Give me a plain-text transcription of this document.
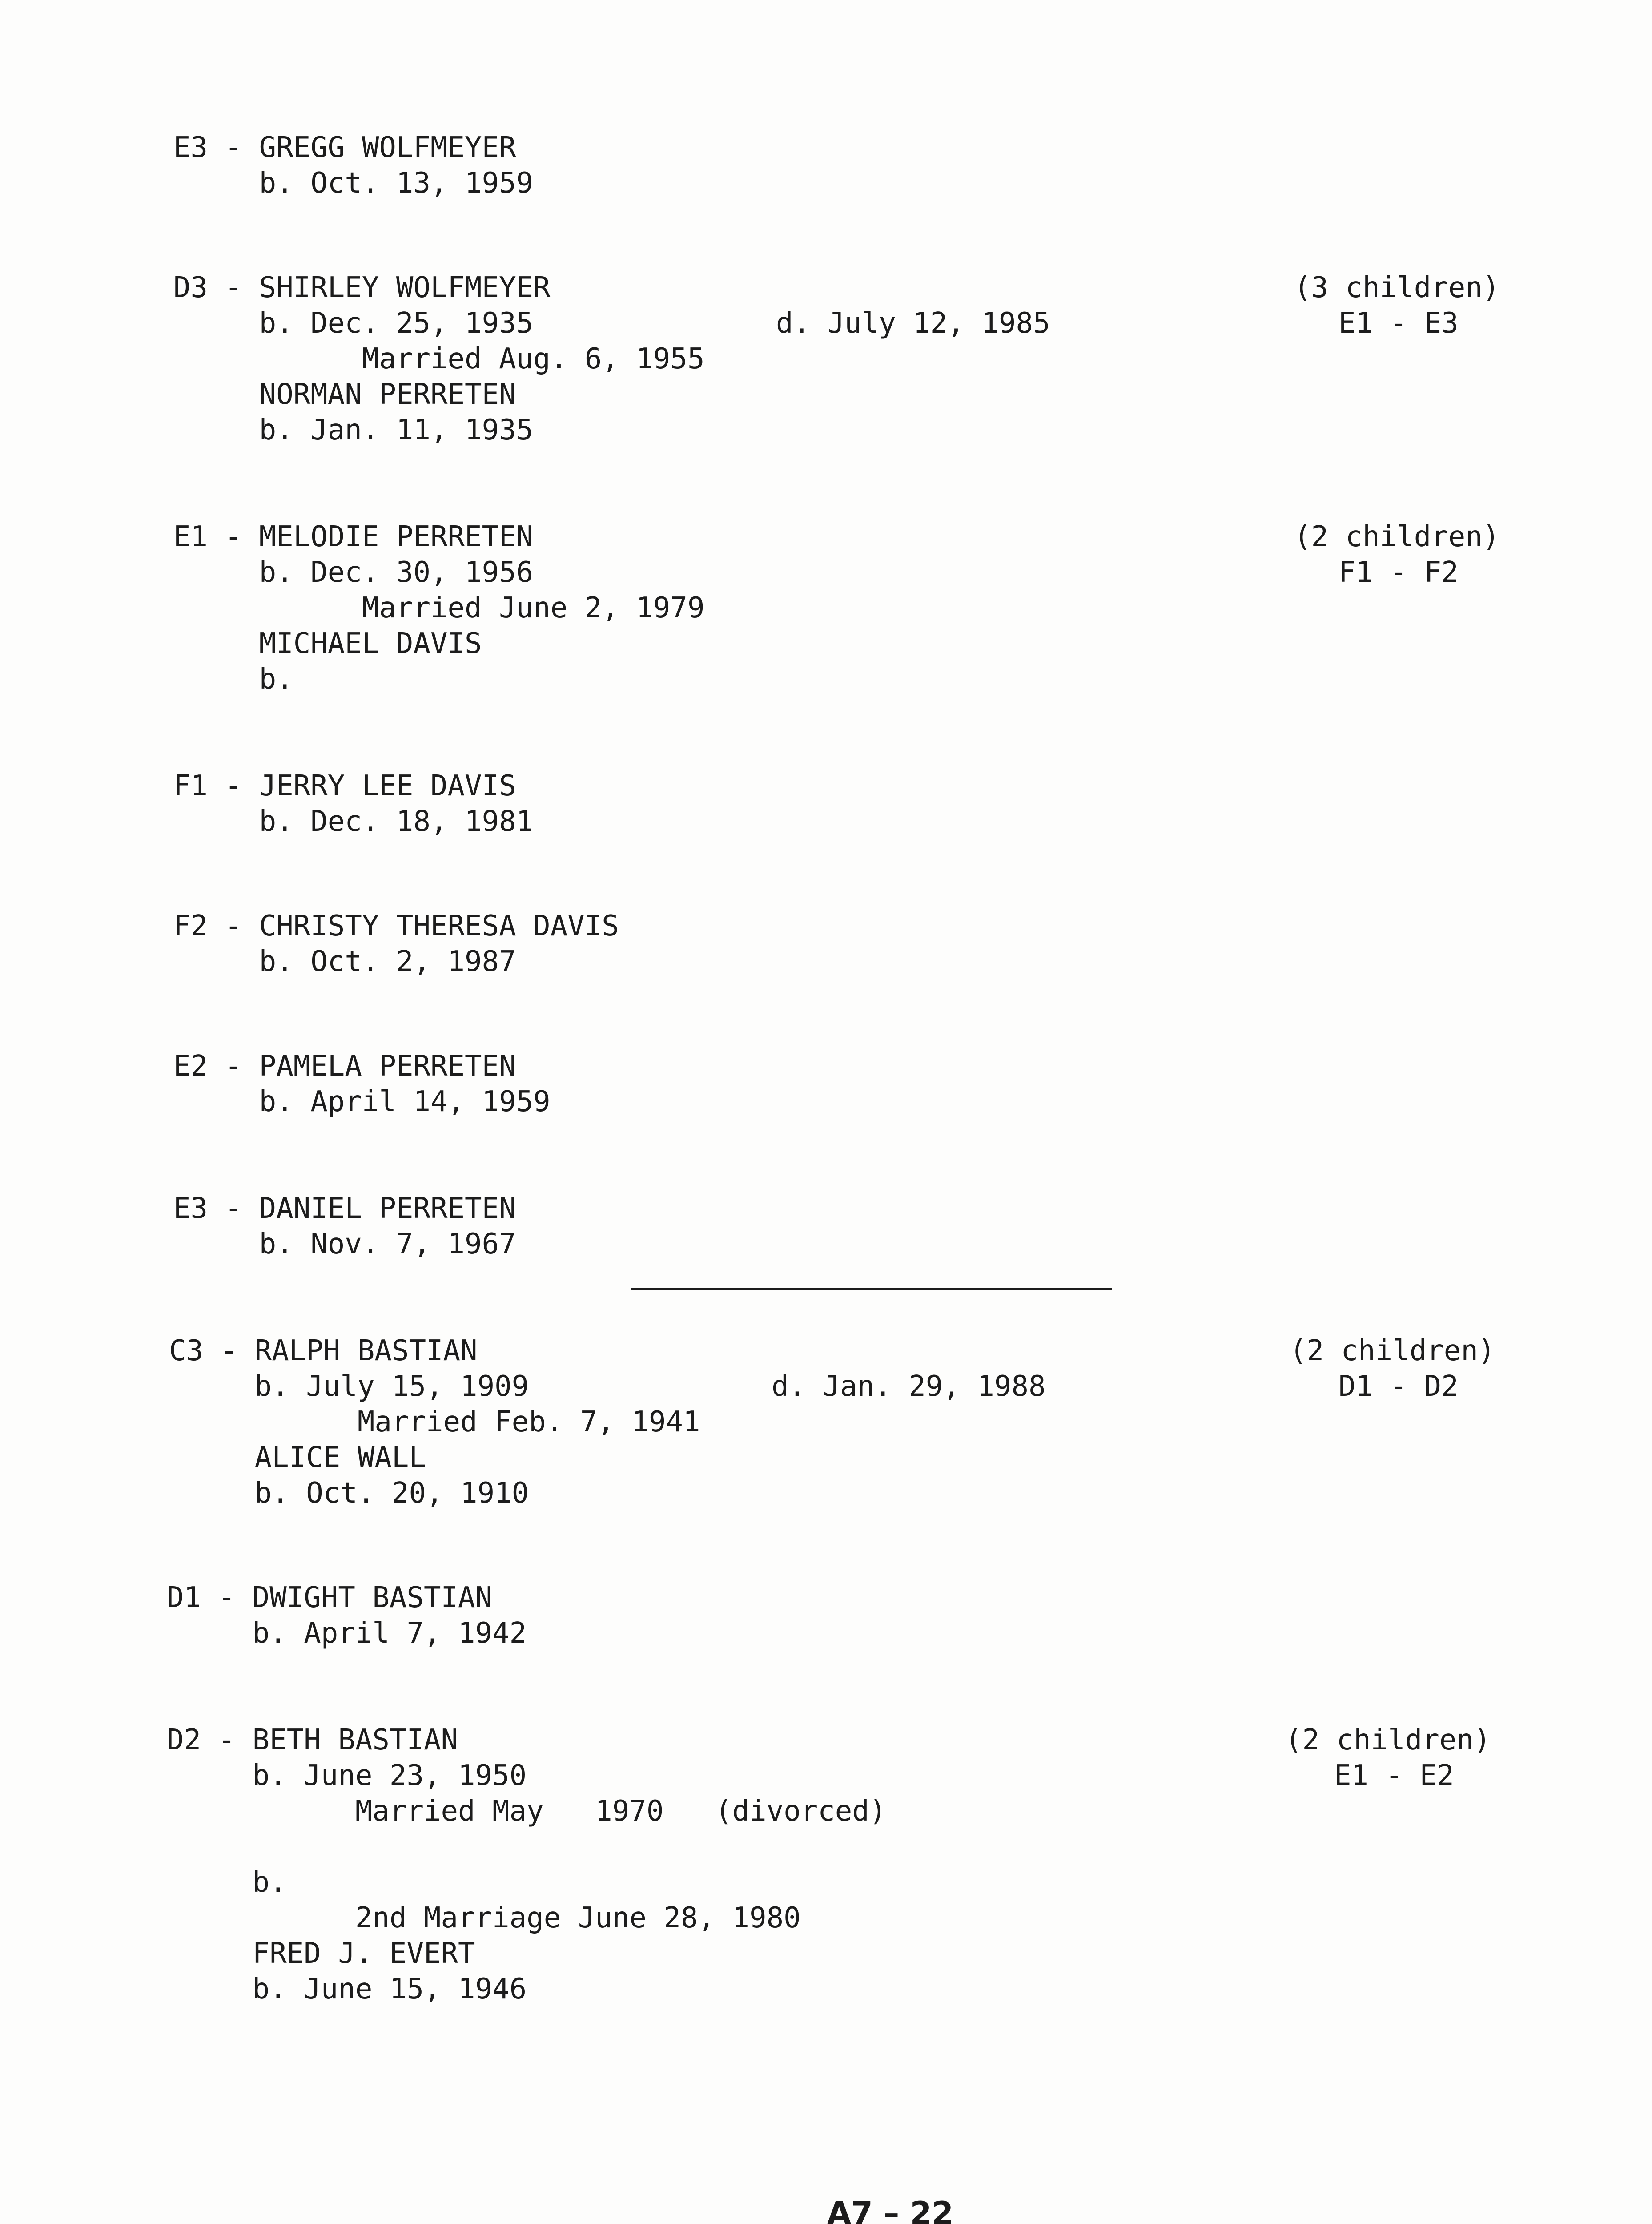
E3 - GREGG WOLFMEYER
b. Oct. 13, 1959
D3 - SHIRLEY WOLFMEYER
b. Dec. 25, 1935
Married Aug. 6, 1955
NORMAN PERRETEN
b. Jan. 11, 1935
d. July 12, 1985
(3 children)
E1 - E3
E1 - MELODIE PERRETEN
b. Dec. 30, 1956
Married June 2, 1979
MICHAEL DAVIS
b.
(2 children)
F1 - F2
F1 - JERRY LEE DAVIS
b. Dec. 18, 1981
F2 - CHRISTY THERESA DAVIS
b. Oct. 2, 1987
E2 - PAMELA PERRETEN
b. April 14, 1959
E3 - DANIEL PERRETEN
b. Nov. 7, 1967
C3 - RALPH BASTIAN
b. July 15, 1909
Married Feb. 7, 1941
ALICE WALL
b. Oct. 20, 1910
d. Jan. 29, 1988
(2 children)
D1 - D2
D1 - DWIGHT BASTIAN
b. April 7, 1942
D2 - BETH BASTIAN
b. June 23, 1950
Married May   1970   (divorced)
b.
2nd Marriage June 28, 1980
FRED J. EVERT
b. June 15, 1946
(2 children)
E1 - E2
A7 – 22
